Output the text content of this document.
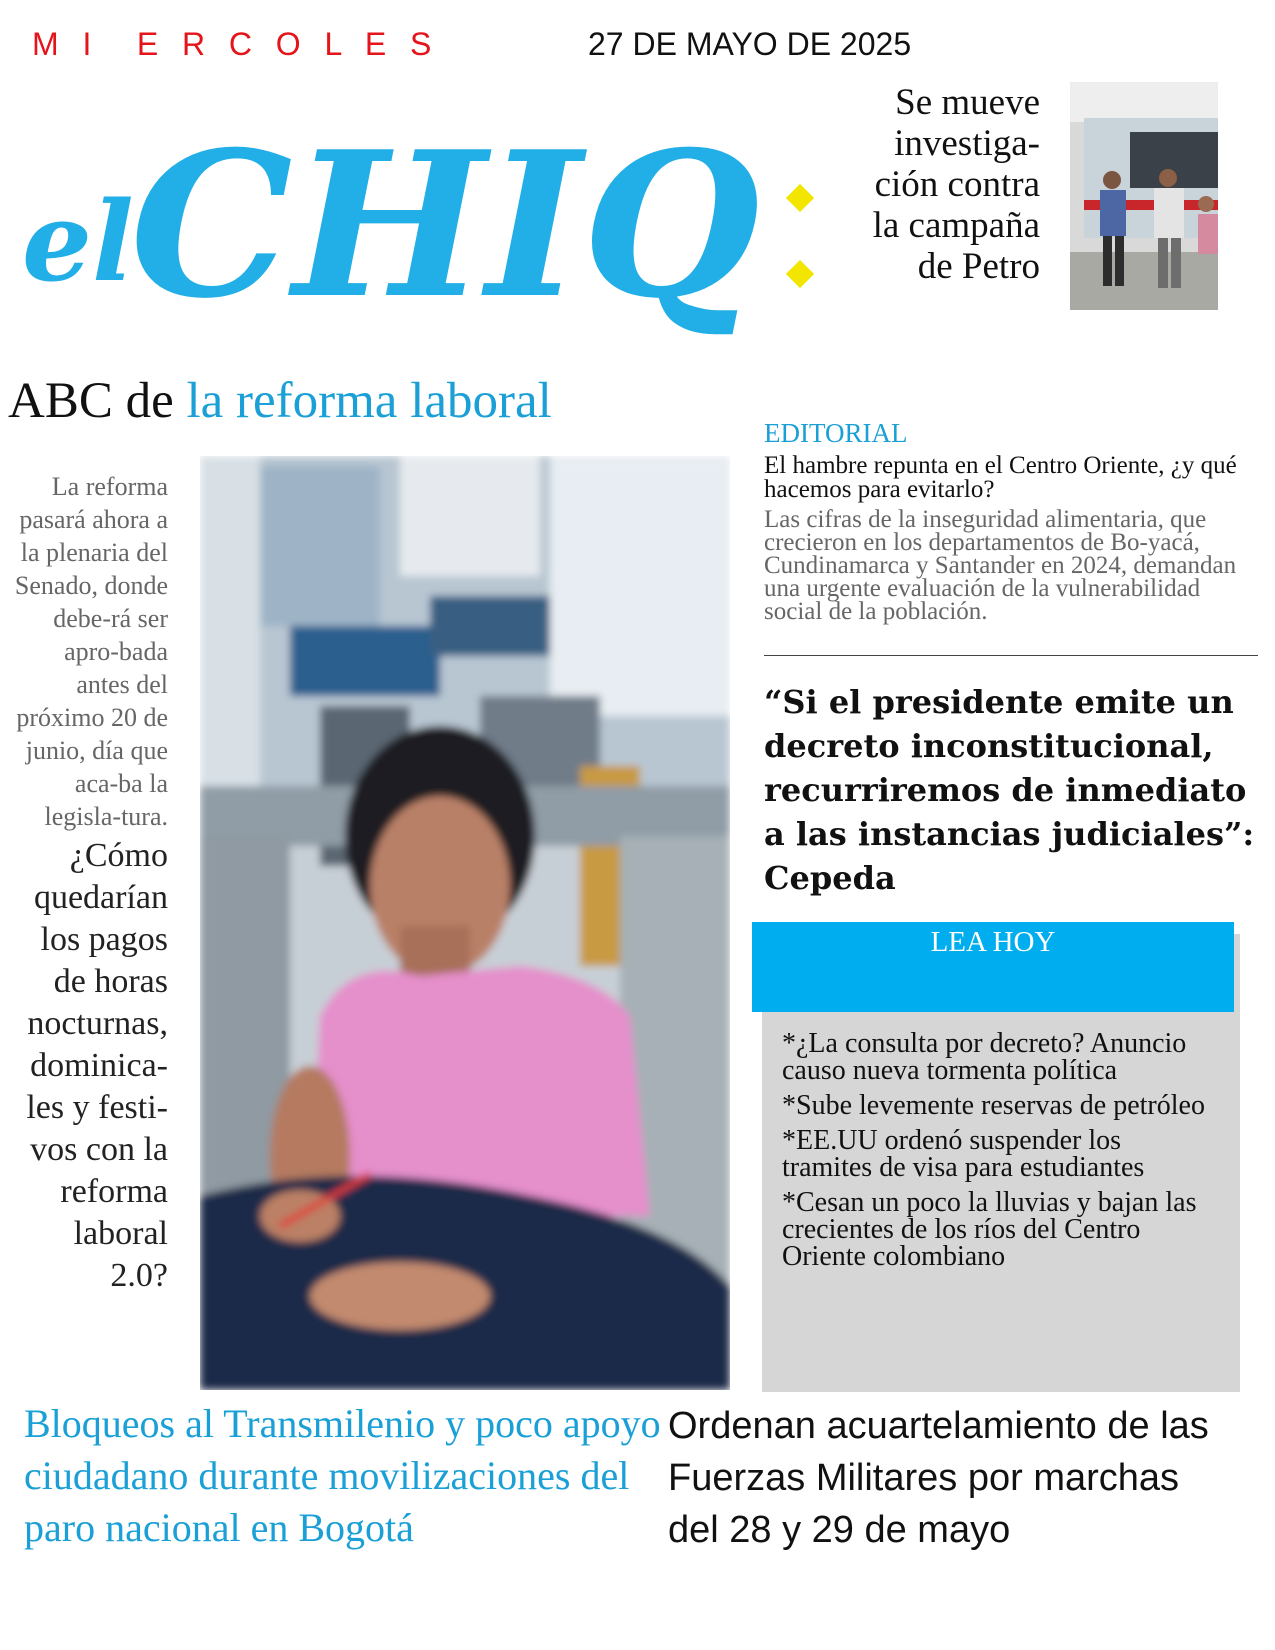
M  I    E  R  C  O  L  E  S	27 DE MAYO DE 2025
el
CHIQ
Se mueve investiga-ción contra la campaña de Petro
ABC de la reforma laboral
La reforma pasará ahora a la plenaria del Senado, donde debe-rá ser apro-bada antes del próximo 20 de junio, día que aca-ba la legisla-tura.
¿Cómo quedarían los pagos de horas nocturnas, dominica-les y festi-vos con la reforma laboral 2.0?
EDITORIAL
El hambre repunta en el Centro Oriente, ¿y qué hacemos para evitarlo?
Las cifras de la inseguridad alimentaria, que crecieron en los departamentos de Bo-yacá, Cundinamarca y Santander en 2024, demandan una urgente evaluación de la vulnerabilidad social de la población.
“Si el presidente emite un decreto inconstitucional, recurriremos de inmediato a las instancias judiciales”: Cepeda
LEA HOY
*¿La consulta por decreto? Anuncio causo nueva tormenta política
*Sube levemente reservas de petróleo
*EE.UU ordenó suspender los tramites de visa para estudiantes
*Cesan un poco la lluvias y bajan las crecientes de los ríos del Centro Oriente colombiano
Bloqueos al Transmilenio y poco apoyo ciudadano durante movilizaciones del paro nacional en Bogotá
Ordenan acuartelamiento de las Fuerzas Militares por marchas del 28 y 29 de mayo
